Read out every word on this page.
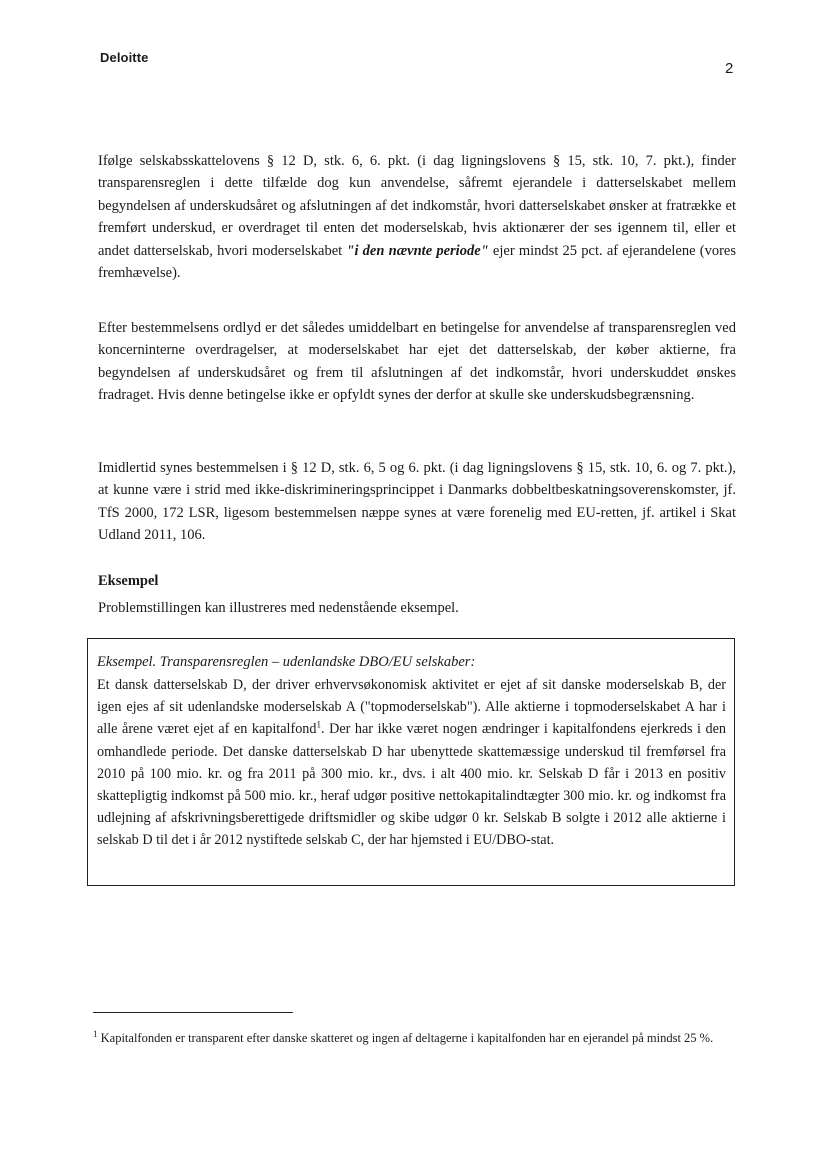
Deloitte
2

Ifølge selskabsskattelovens § 12 D, stk. 6, 6. pkt. (i dag ligningslovens § 15, stk. 10, 7. pkt.), finder transparensreglen i dette tilfælde dog kun anvendelse, såfremt ejerandele i datterselskabet mellem begyndelsen af underskudsåret og afslutningen af det indkomstår, hvori datterselskabet ønsker at fratrække et fremført underskud, er overdraget til enten det moderselskab, hvis aktionærer der ses igennem til, eller et andet datterselskab, hvori moderselskabet "i den nævnte periode" ejer mindst 25 pct. af ejerandelene (vores fremhævelse).

Efter bestemmelsens ordlyd er det således umiddelbart en betingelse for anvendelse af transparensreglen ved koncerninterne overdragelser, at moderselskabet har ejet det datterselskab, der køber aktierne, fra begyndelsen af underskudsåret og frem til afslutningen af det indkomstår, hvori underskuddet ønskes fradraget. Hvis denne betingelse ikke er opfyldt synes der derfor at skulle ske underskudsbegrænsning.

Imidlertid synes bestemmelsen i § 12 D, stk. 6, 5 og 6. pkt. (i dag ligningslovens § 15, stk. 10, 6. og 7. pkt.), at kunne være i strid med ikke-diskrimineringsprincippet i Danmarks dobbeltbeskatningsoverenskomster, jf. TfS 2000, 172 LSR, ligesom bestemmelsen næppe synes at være forenelig med EU-retten, jf. artikel i Skat Udland 2011, 106.

Eksempel

Problemstillingen kan illustreres med nedenstående eksempel.

Eksempel. Transparensreglen – udenlandske DBO/EU selskaber:

Et dansk datterselskab D, der driver erhvervsøkonomisk aktivitet er ejet af sit danske moderselskab B, der igen ejes af sit udenlandske moderselskab A ("topmoderselskab"). Alle aktierne i topmoderselskabet A har i alle årene været ejet af en kapitalfond$^1$. Der har ikke været nogen ændringer i kapitalfondens ejerkreds i den omhandlede periode. Det danske datterselskab D har ubenyttede skattemæssige underskud til fremførsel fra 2010 på 100 mio. kr. og fra 2011 på 300 mio. kr., dvs. i alt 400 mio. kr. Selskab D får i 2013 en positiv skattepligtig indkomst på 500 mio. kr., heraf udgør positive nettokapitalindtægter 300 mio. kr. og indkomst fra udlejning af afskrivningsberettigede driftsmidler og skibe udgør 0 kr. Selskab B solgte i 2012 alle aktierne i selskab D til det i år 2012 nystiftede selskab C, der har hjemsted i EU/DBO-stat.

$^1$ Kapitalfonden er transparent efter danske skatteret og ingen af deltagerne i kapitalfonden har en ejerandel på mindst 25 %.
